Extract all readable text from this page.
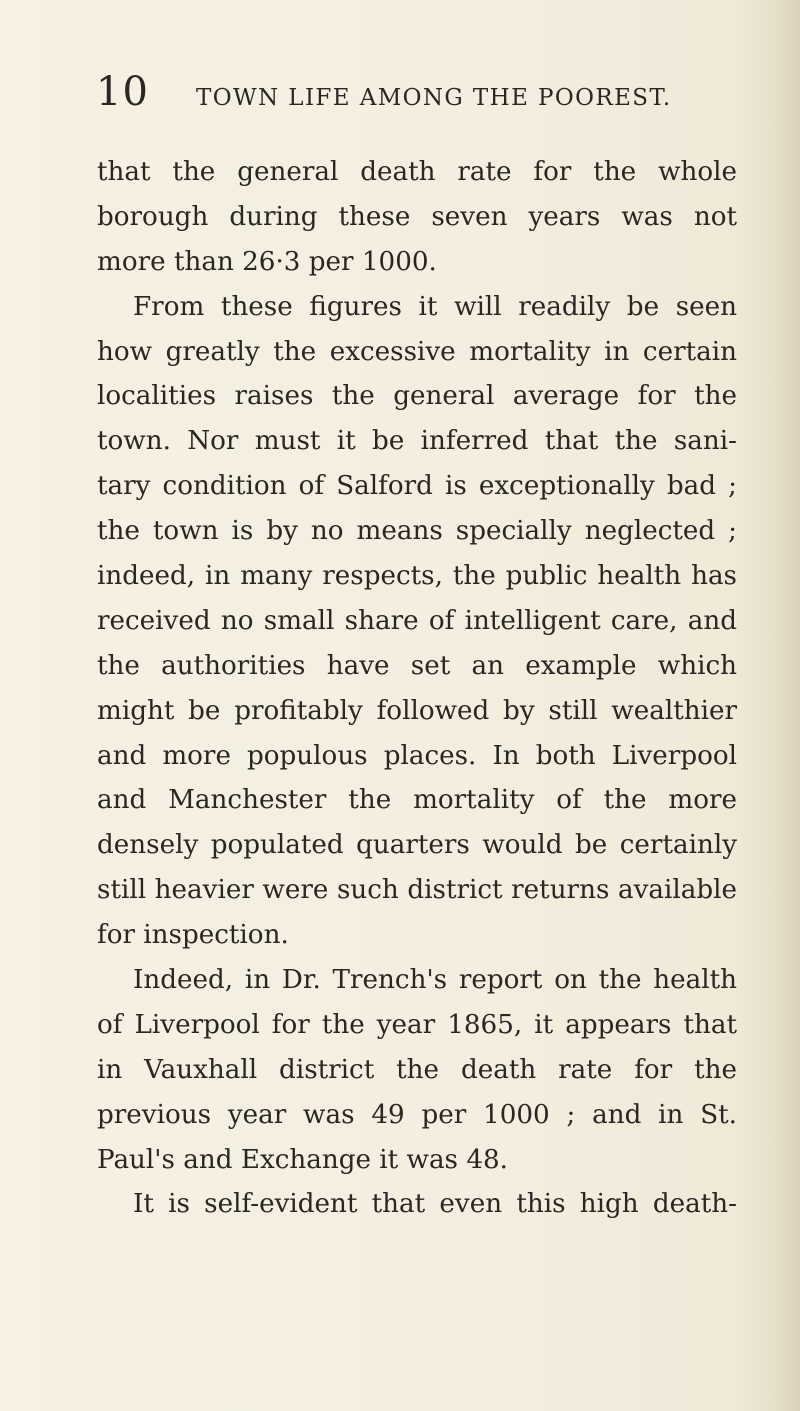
10 TOWN LIFE AMONG THE POOREST.
that the general death rate for the whole
borough during these seven years was not
more than 26·3 per 1000.
From these figures it will readily be seen
how greatly the excessive mortality in certain
localities raises the general average for the
town. Nor must it be inferred that the sani-
tary condition of Salford is exceptionally bad ;
the town is by no means specially neglected ;
indeed, in many respects, the public health has
received no small share of intelligent care, and
the authorities have set an example which
might be profitably followed by still wealthier
and more populous places. In both Liverpool
and Manchester the mortality of the more
densely populated quarters would be certainly
still heavier were such district returns available
for inspection.
Indeed, in Dr. Trench's report on the health
of Liverpool for the year 1865, it appears that
in Vauxhall district the death rate for the
previous year was 49 per 1000 ; and in St.
Paul's and Exchange it was 48.
It is self-evident that even this high death-
